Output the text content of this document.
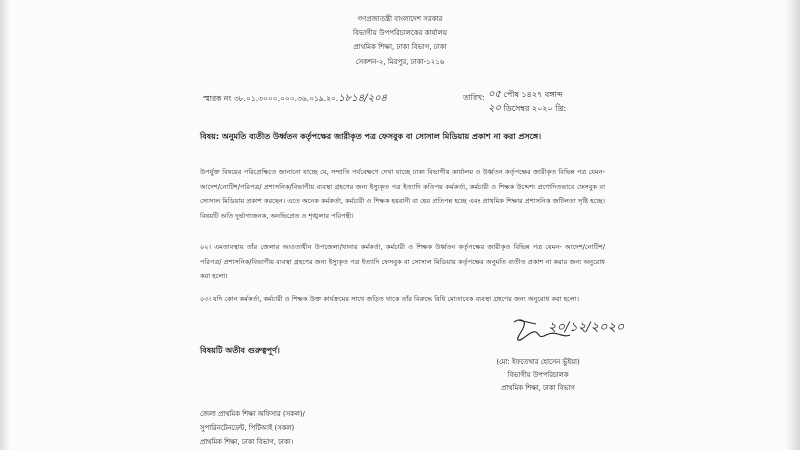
গণপ্রজাতন্ত্রী বাংলাদেশ সরকার
বিভাগীয় উপপরিচালকের কার্যালয়
প্রাথমিক শিক্ষা, ঢাকা বিভাগ, ঢাকা
সেকশন-২, মিরপুর, ঢাকা-১২১৬
স্মারক নং ৩৮.০১.৩০০০.০০০.৩৬.০১৯.২০.১৮১৪/২০৪	তারিখ: ০৫ পৌষ ১৪২৭ বঙ্গাব্দ
২০ ডিসেম্বর ২০২০ খ্রি:
বিষয়: অনুমতি ব্যতীত উর্ধ্বতন কর্তৃপক্ষের জারীকৃত পত্র ফেসবুক বা সোসাল মিডিয়ায় প্রকাশ না করা প্রসঙ্গে।
উপর্যুক্ত বিষয়ের পরিপ্রেক্ষিতে জানানো যাচ্ছে যে, সম্প্রতি পর্যবেক্ষণে দেখা যাচ্ছে ঢাকা বিভাগীয় কার্যালয় ও উর্ধ্বতন কর্তৃপক্ষের জারীকৃত বিভিন্ন পত্র যেমন- আদেশ/নোটিশ/পরিপত্র/ প্রশাসনিক/বিভাগীয় ব্যবস্থা গ্রহণের জন্য ইস্যুকৃত পত্র ইত্যাদি কতিপয় কর্মকর্তা, কর্মচারী ও শিক্ষক উদ্দেশ্য প্রণোদিতভাবে ফেসবুক বা সোসাল মিডিয়ায় প্রকাশ করছেন। এতে অনেক কর্মকর্তা, কর্মচারী ও শিক্ষক হয়রানী বা হেয় প্রতিপন্ন হচ্ছে এবং প্রাথমিক শিক্ষার প্রশাসনিক জটিলতা সৃষ্টি হচ্ছে। বিষয়টি অতি দুর্ভাগ্যজনক, অনভিপ্রেত ও শৃঙ্খলার পরিপন্থী।
০২। এমতাবস্থায় তাঁর জেলার আওতাধীন উপজেলা/থানার কর্মকর্তা, কর্মচারী ও শিক্ষক উর্ধ্বতন কর্তৃপক্ষের জারীকৃত বিভিন্ন পত্র যেমন- আদেশ/নোটিশ/পরিপত্র/ প্রশাসনিক/বিভাগীয় ব্যবস্থা গ্রহণের জন্য ইস্যুকৃত পত্র ইত্যাদি ফেসবুক বা সোসাল মিডিয়ায় কর্তৃপক্ষের অনুমতি ব্যতীত প্রকাশ না করার জন্য অনুরোধ করা হলো।
০৩। যদি কোন কর্মকর্তা, কর্মচারী ও শিক্ষক উক্ত কার্যক্রমের সাথে জড়িত থাকে তাঁর বিরুদ্ধে বিধি মোতাবেক ব্যবস্থা গ্রহণের জন্য অনুরোধ করা হলো।
২০/১২/২০২০
বিষয়টি অতীব গুরুত্বপূর্ণ।
(মো: ইফতেখার হোসেন ভুঁইয়া)
বিভাগীয় উপপরিচালক
প্রাথমিক শিক্ষা, ঢাকা বিভাগ
জেলা প্রাথমিক শিক্ষা অফিসার (সকল)/
সুপারিনটেনডেন্ট, পিটিআই (সকল)
প্রাথমিক শিক্ষা, ঢাকা বিভাগ, ঢাকা।
